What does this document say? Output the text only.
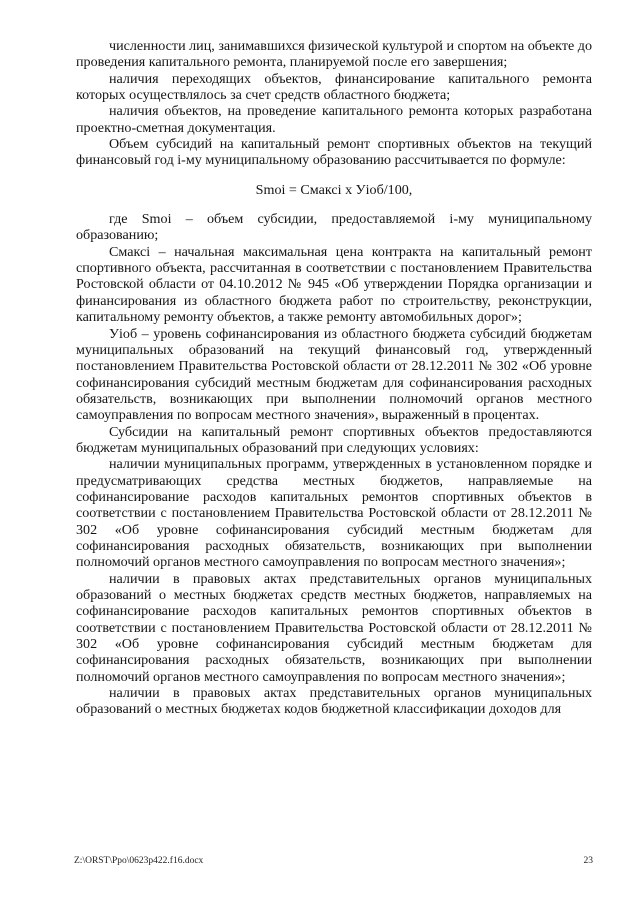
численности лиц, занимавшихся физической культурой и спортом на объекте до проведения капитального ремонта, планируемой после его завершения;

наличия переходящих объектов, финансирование капитального ремонта которых осуществлялось за счет средств областного бюджета;

наличия объектов, на проведение капитального ремонта которых разработана проектно-сметная документация.

Объем субсидий на капитальный ремонт спортивных объектов на текущий финансовый год i-му муниципальному образованию рассчитывается по формуле:

Smoi = Смаксi x Уioб/100,

где Smoi – объем субсидии, предоставляемой i-му муниципальному образованию;

Смаксi – начальная максимальная цена контракта на капитальный ремонт спортивного объекта, рассчитанная в соответствии с постановлением Правительства Ростовской области от 04.10.2012 № 945 «Об утверждении Порядка организации и финансирования из областного бюджета работ по строительству, реконструкции, капитальному ремонту объектов, а также ремонту автомобильных дорог»;

Уioб – уровень софинансирования из областного бюджета субсидий бюджетам муниципальных образований на текущий финансовый год, утвержденный постановлением Правительства Ростовской области от 28.12.2011 № 302 «Об уровне софинансирования субсидий местным бюджетам для софинансирования расходных обязательств, возникающих при выполнении полномочий органов местного самоуправления по вопросам местного значения», выраженный в процентах.

Субсидии на капитальный ремонт спортивных объектов предоставляются бюджетам муниципальных образований при следующих условиях:

наличии муниципальных программ, утвержденных в установленном порядке и предусматривающих средства местных бюджетов, направляемые на софинансирование расходов капитальных ремонтов спортивных объектов в соответствии с постановлением Правительства Ростовской области от 28.12.2011 № 302 «Об уровне софинансирования субсидий местным бюджетам для софинансирования расходных обязательств, возникающих при выполнении полномочий органов местного самоуправления по вопросам местного значения»;

наличии в правовых актах представительных органов муниципальных образований о местных бюджетах средств местных бюджетов, направляемых на софинансирование расходов капитальных ремонтов спортивных объектов в соответствии с постановлением Правительства Ростовской области от 28.12.2011 № 302 «Об уровне софинансирования субсидий местным бюджетам для софинансирования расходных обязательств, возникающих при выполнении полномочий органов местного самоуправления по вопросам местного значения»;

наличии в правовых актах представительных органов муниципальных образований о местных бюджетах кодов бюджетной классификации доходов для

Z:\ORST\Ppo\0623p422.f16.docx	23
